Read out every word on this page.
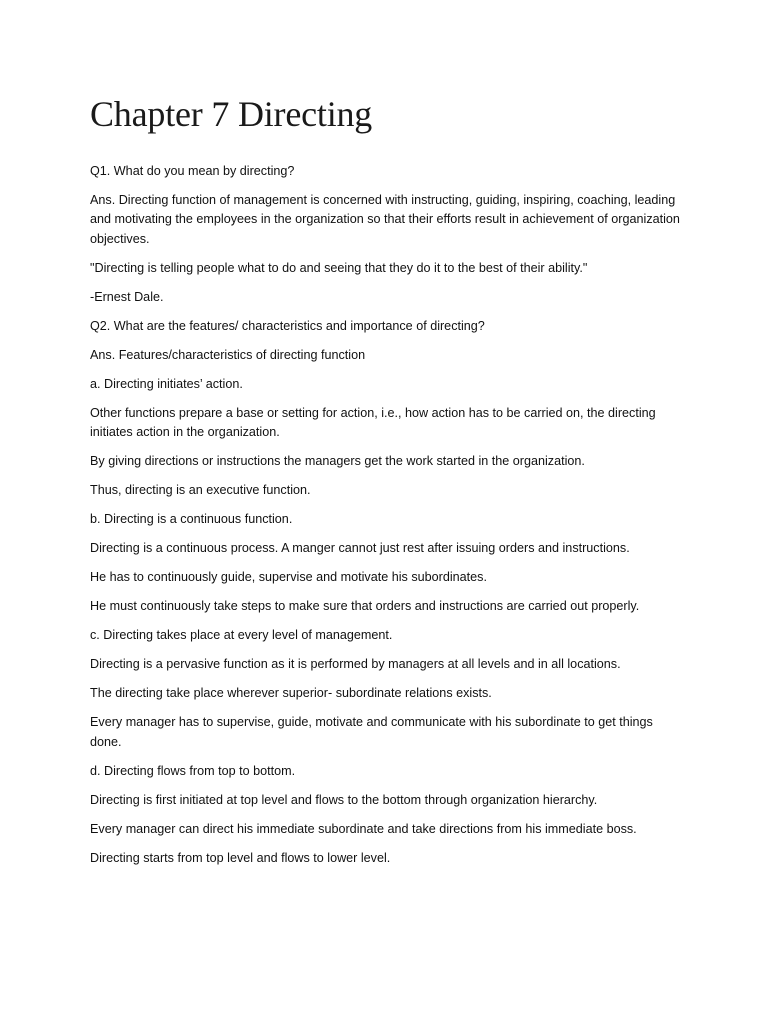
Chapter 7 Directing

Q1. What do you mean by directing?

Ans. Directing function of management is concerned with instructing, guiding, inspiring, coaching, leading and motivating the employees in the organization so that their efforts result in achievement of organization objectives.

"Directing is telling people what to do and seeing that they do it to the best of their ability."

-Ernest Dale.

Q2. What are the features/ characteristics and importance of directing?

Ans. Features/characteristics of directing function

a. Directing initiates’ action.

Other functions prepare a base or setting for action, i.e., how action has to be carried on, the directing initiates action in the organization.

By giving directions or instructions the managers get the work started in the organization.

Thus, directing is an executive function.

b. Directing is a continuous function.

Directing is a continuous process. A manger cannot just rest after issuing orders and instructions.

He has to continuously guide, supervise and motivate his subordinates.

He must continuously take steps to make sure that orders and instructions are carried out properly.

c. Directing takes place at every level of management.

Directing is a pervasive function as it is performed by managers at all levels and in all locations.

The directing take place wherever superior- subordinate relations exists.

Every manager has to supervise, guide, motivate and communicate with his subordinate to get things done.

d. Directing flows from top to bottom.

Directing is first initiated at top level and flows to the bottom through organization hierarchy.

Every manager can direct his immediate subordinate and take directions from his immediate boss.

Directing starts from top level and flows to lower level.
